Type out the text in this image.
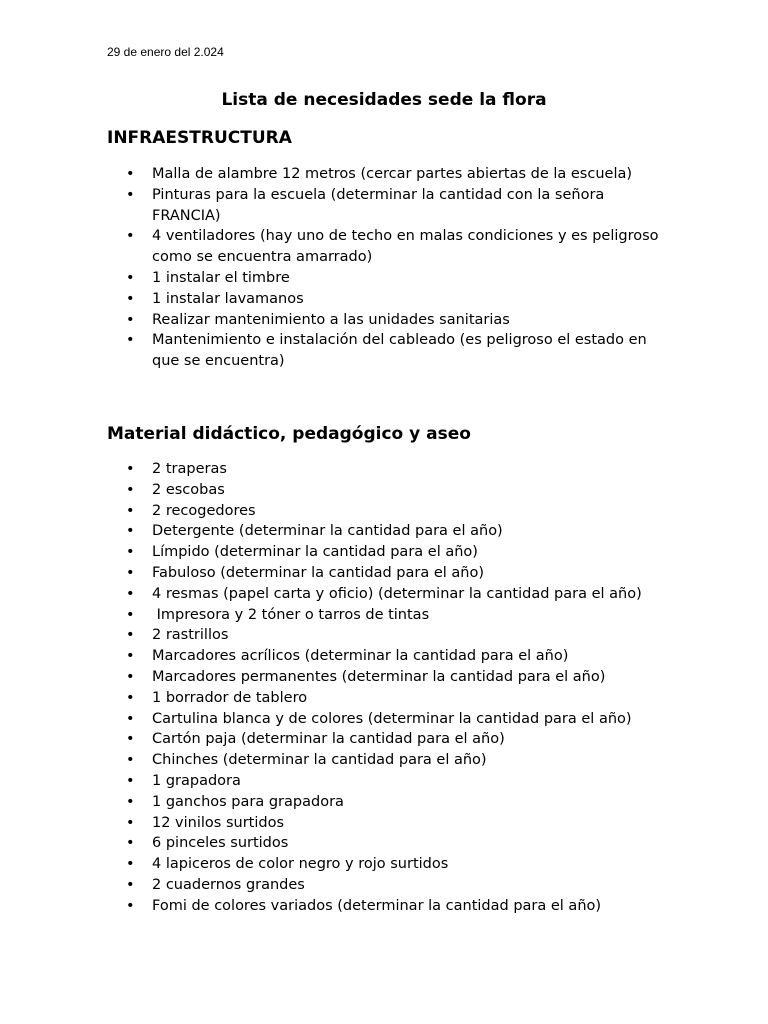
29 de enero del 2.024
Lista de necesidades sede la flora
INFRAESTRUCTURA
• Malla de alambre 12 metros (cercar partes abiertas de la escuela)
• Pinturas para la escuela (determinar la cantidad con la señora FRANCIA)
• 4 ventiladores (hay uno de techo en malas condiciones y es peligroso como se encuentra amarrado)
• 1 instalar el timbre
• 1 instalar lavamanos
• Realizar mantenimiento a las unidades sanitarias
• Mantenimiento e instalación del cableado (es peligroso el estado en que se encuentra)
Material didáctico, pedagógico y aseo
• 2 traperas
• 2 escobas
• 2 recogedores
• Detergente (determinar la cantidad para el año)
• Límpido (determinar la cantidad para el año)
• Fabuloso (determinar la cantidad para el año)
• 4 resmas (papel carta y oficio) (determinar la cantidad para el año)
• Impresora y 2 tóner o tarros de tintas
• 2 rastrillos
• Marcadores acrílicos (determinar la cantidad para el año)
• Marcadores permanentes (determinar la cantidad para el año)
• 1 borrador de tablero
• Cartulina blanca y de colores (determinar la cantidad para el año)
• Cartón paja (determinar la cantidad para el año)
• Chinches (determinar la cantidad para el año)
• 1 grapadora
• 1 ganchos para grapadora
• 12 vinilos surtidos
• 6 pinceles surtidos
• 4 lapiceros de color negro y rojo surtidos
• 2 cuadernos grandes
• Fomi de colores variados (determinar la cantidad para el año)
